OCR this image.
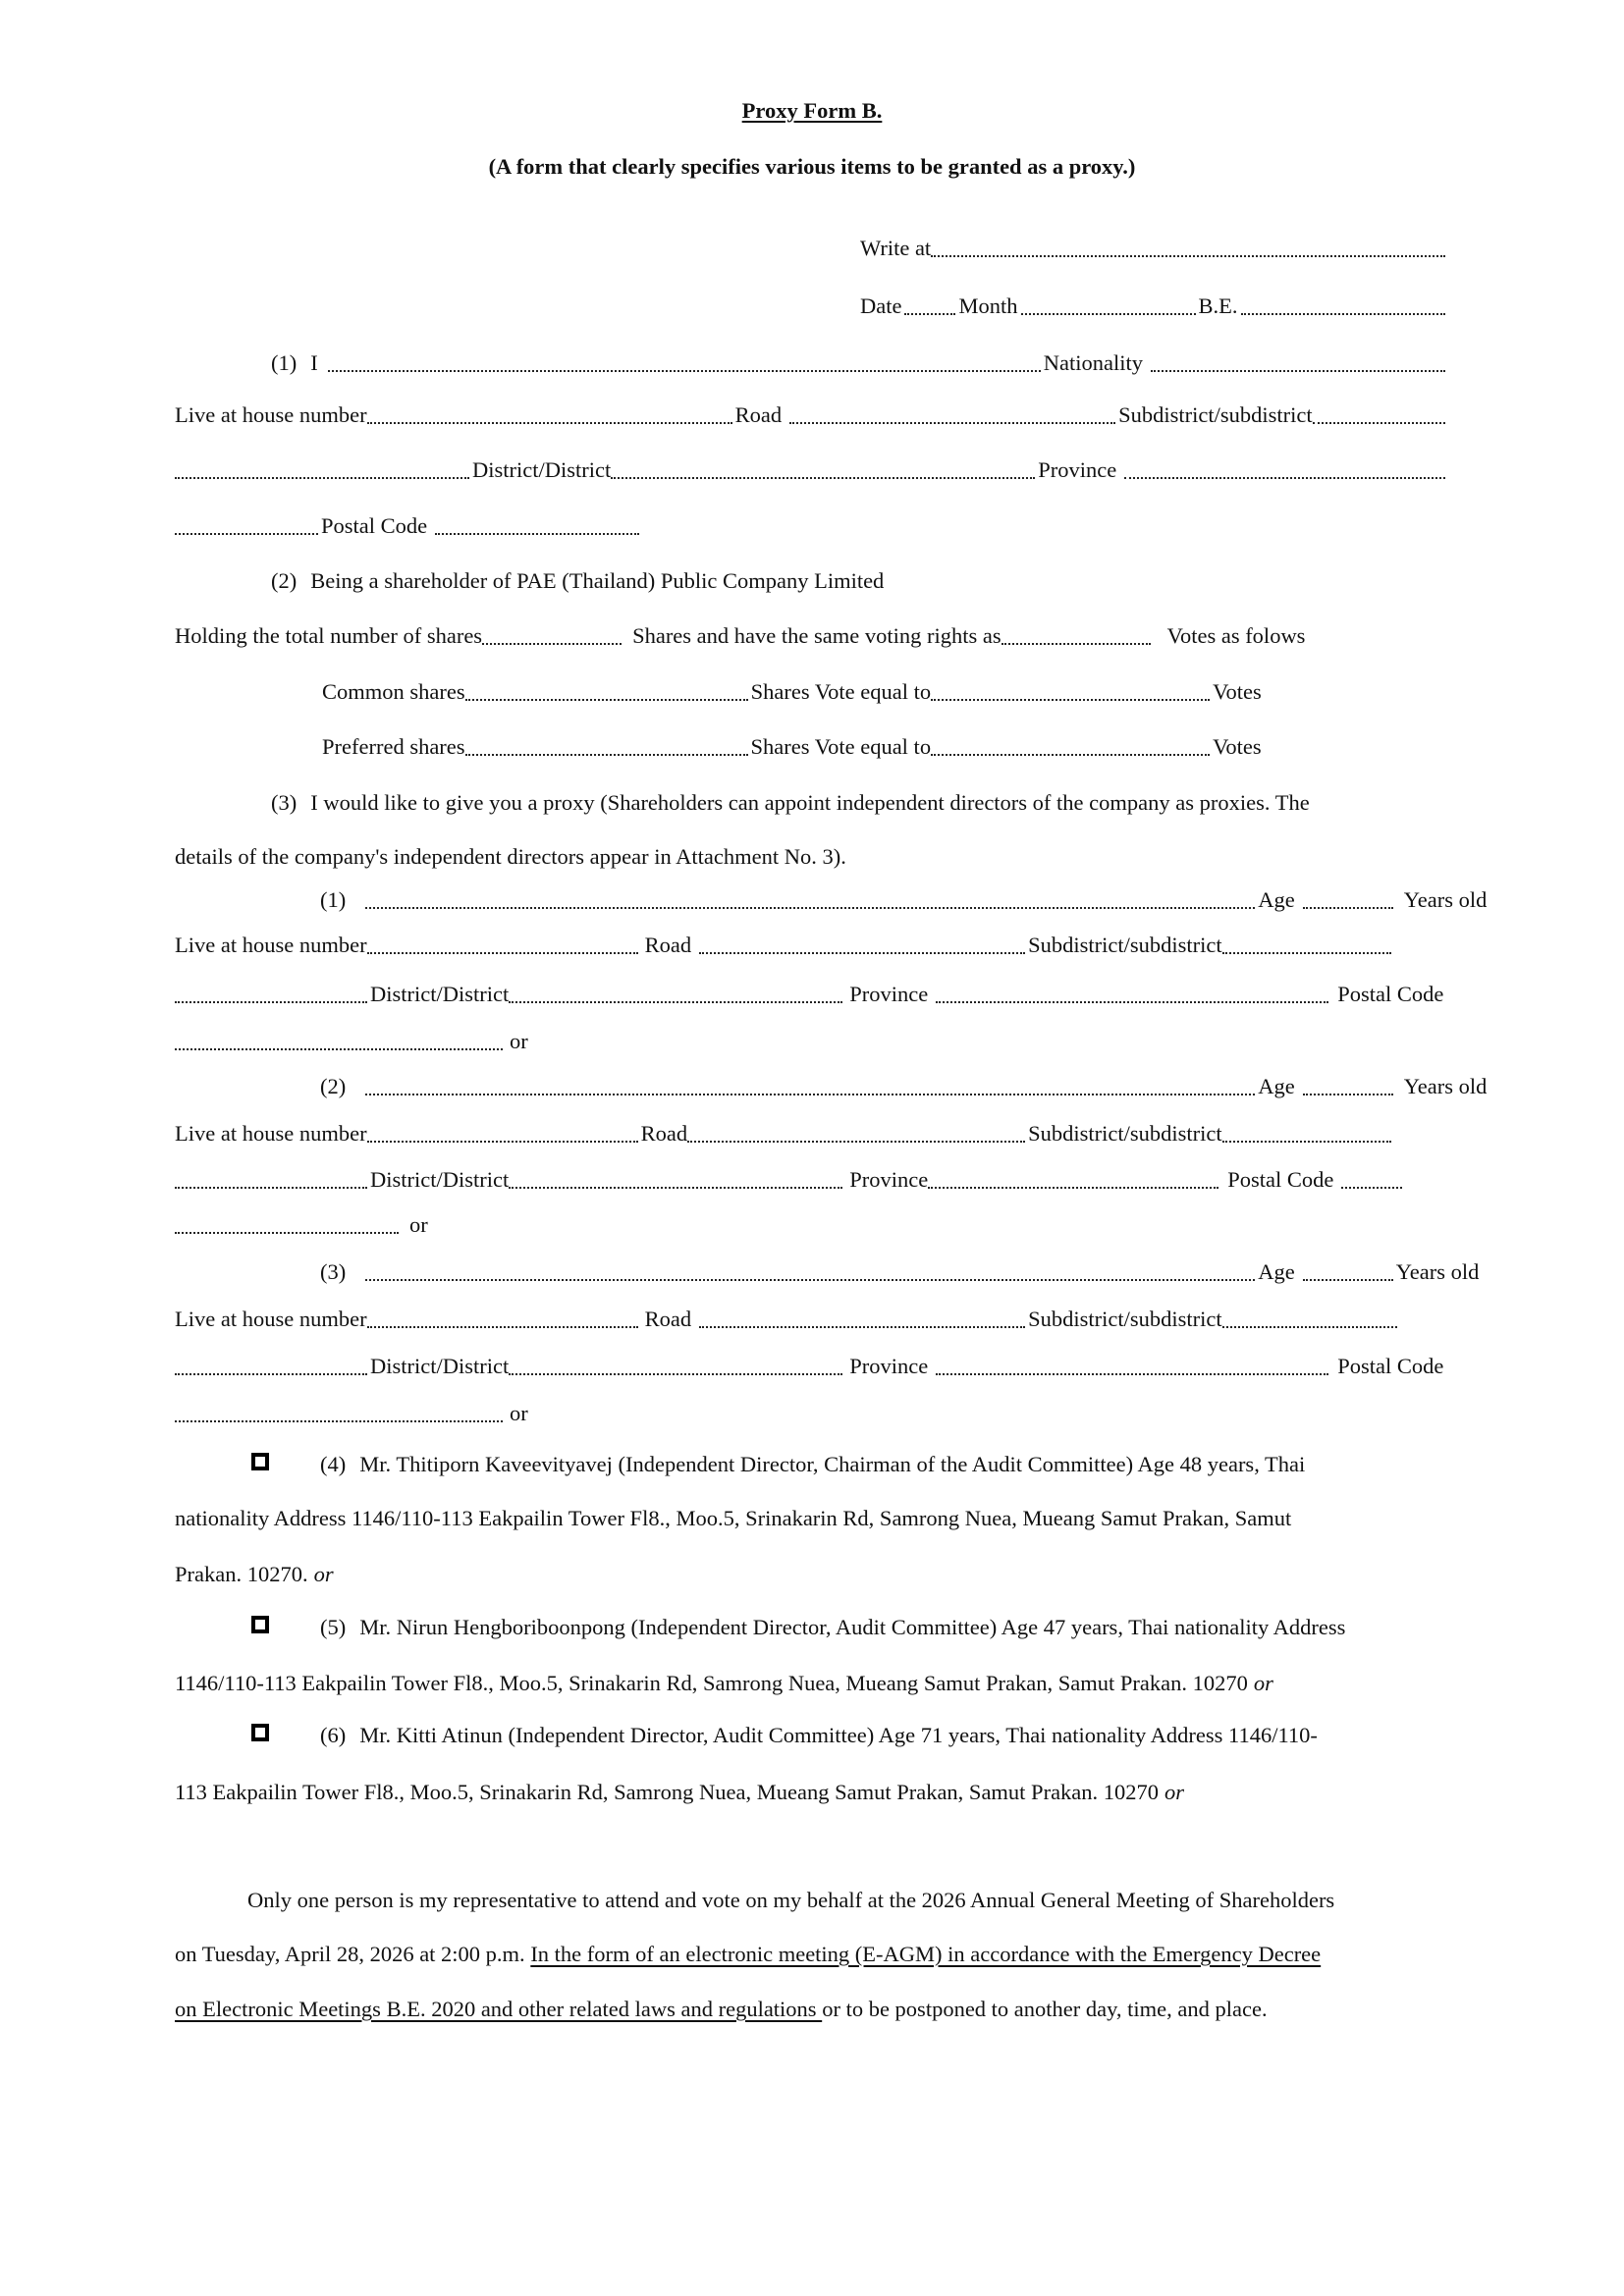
Proxy Form B.
(A form that clearly specifies various items to be granted as a proxy.)
Write at
Date	Month	B.E.
(1) I	Nationality
Live at house number	Road	Subdistrict/subdistrict
District/District	Province
Postal Code
(2) Being a shareholder of PAE (Thailand) Public Company Limited
Holding the total number of shares	Shares and have the same voting rights as	Votes as folows
Common shares	Shares Vote equal to	Votes
Preferred shares	Shares Vote equal to	Votes
(3) I would like to give you a proxy (Shareholders can appoint independent directors of the company as proxies. The
details of the company's independent directors appear in Attachment No. 3).
(1)	Age	Years old
Live at house number	Road	Subdistrict/subdistrict
District/District	Province	Postal Code
or
(2)	Age	Years old
Live at house number	Road	Subdistrict/subdistrict
District/District	Province	Postal Code
or
(3)	Age	Years old
Live at house number	Road	Subdistrict/subdistrict
District/District	Province	Postal Code
or
(4) Mr. Thitiporn Kaveevityavej (Independent Director, Chairman of the Audit Committee) Age 48 years, Thai
nationality Address 1146/110-113 Eakpailin Tower Fl8., Moo.5, Srinakarin Rd, Samrong Nuea, Mueang Samut Prakan, Samut
Prakan. 10270. or
(5) Mr. Nirun Hengboriboonpong (Independent Director, Audit Committee) Age 47 years, Thai nationality Address
1146/110-113 Eakpailin Tower Fl8., Moo.5, Srinakarin Rd, Samrong Nuea, Mueang Samut Prakan, Samut Prakan. 10270 or
(6) Mr. Kitti Atinun (Independent Director, Audit Committee) Age 71 years, Thai nationality Address 1146/110-
113 Eakpailin Tower Fl8., Moo.5, Srinakarin Rd, Samrong Nuea, Mueang Samut Prakan, Samut Prakan. 10270 or
Only one person is my representative to attend and vote on my behalf at the 2026 Annual General Meeting of Shareholders
on Tuesday, April 28, 2026 at 2:00 p.m. In the form of an electronic meeting (E-AGM) in accordance with the Emergency Decree
on Electronic Meetings B.E. 2020 and other related laws and regulations or to be postponed to another day, time, and place.
